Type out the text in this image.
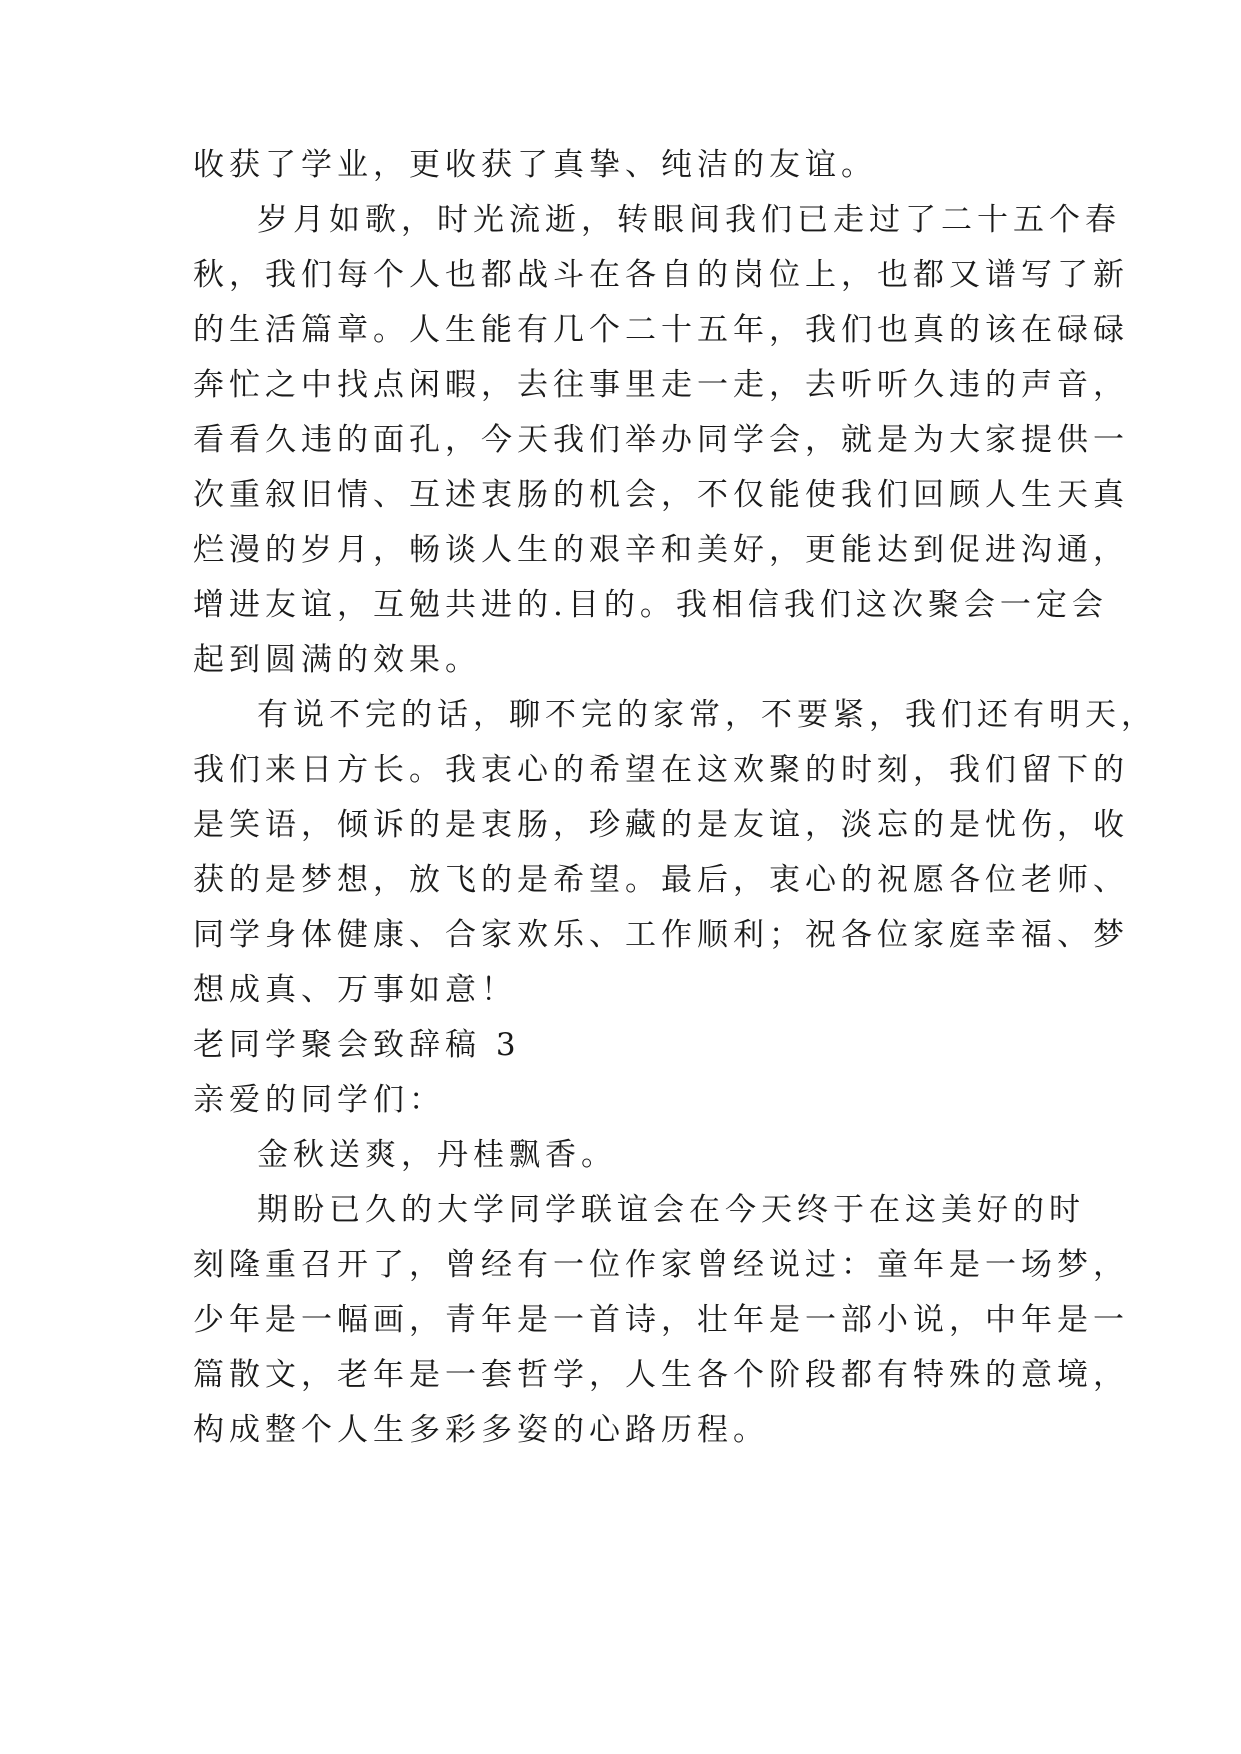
收获了学业，更收获了真挚、纯洁的友谊。
岁月如歌，时光流逝，转眼间我们已走过了二十五个春
秋，我们每个人也都战斗在各自的岗位上，也都又谱写了新
的生活篇章。人生能有几个二十五年，我们也真的该在碌碌
奔忙之中找点闲暇，去往事里走一走，去听听久违的声音，
看看久违的面孔，今天我们举办同学会，就是为大家提供一
次重叙旧情、互述衷肠的机会，不仅能使我们回顾人生天真
烂漫的岁月，畅谈人生的艰辛和美好，更能达到促进沟通，
增进友谊，互勉共进的.目的。我相信我们这次聚会一定会
起到圆满的效果。
有说不完的话，聊不完的家常，不要紧，我们还有明天，
我们来日方长。我衷心的希望在这欢聚的时刻，我们留下的
是笑语，倾诉的是衷肠，珍藏的是友谊，淡忘的是忧伤，收
获的是梦想，放飞的是希望。最后，衷心的祝愿各位老师、
同学身体健康、合家欢乐、工作顺利；祝各位家庭幸福、梦
想成真、万事如意！
老同学聚会致辞稿 3
亲爱的同学们：
金秋送爽，丹桂飘香。
期盼已久的大学同学联谊会在今天终于在这美好的时
刻隆重召开了，曾经有一位作家曾经说过：童年是一场梦，
少年是一幅画，青年是一首诗，壮年是一部小说，中年是一
篇散文，老年是一套哲学，人生各个阶段都有特殊的意境，
构成整个人生多彩多姿的心路历程。
